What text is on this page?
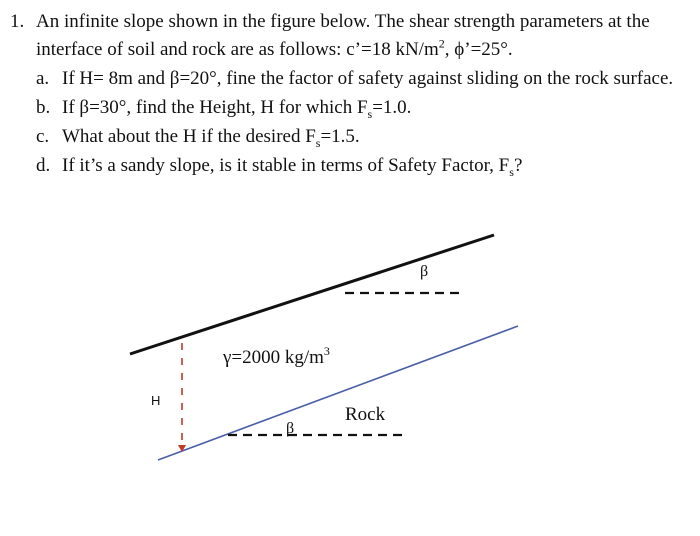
1. An infinite slope shown in the figure below. The shear strength parameters at the
interface of soil and rock are as follows: c’=18 $kN/m^2$, ϕ’=25°.
a. If H= 8m and β=20°, fine the factor of safety against sliding on the rock surface.
b. If β=30°, find the Height, H for which $F_s=1.0$.
c. What about the H if the desired $F_s=1.5$.
d. If it’s a sandy slope, is it stable in terms of Safety Factor, $F_s$?
H
Rock
β
β
γ=2000 $kg/m^3$
